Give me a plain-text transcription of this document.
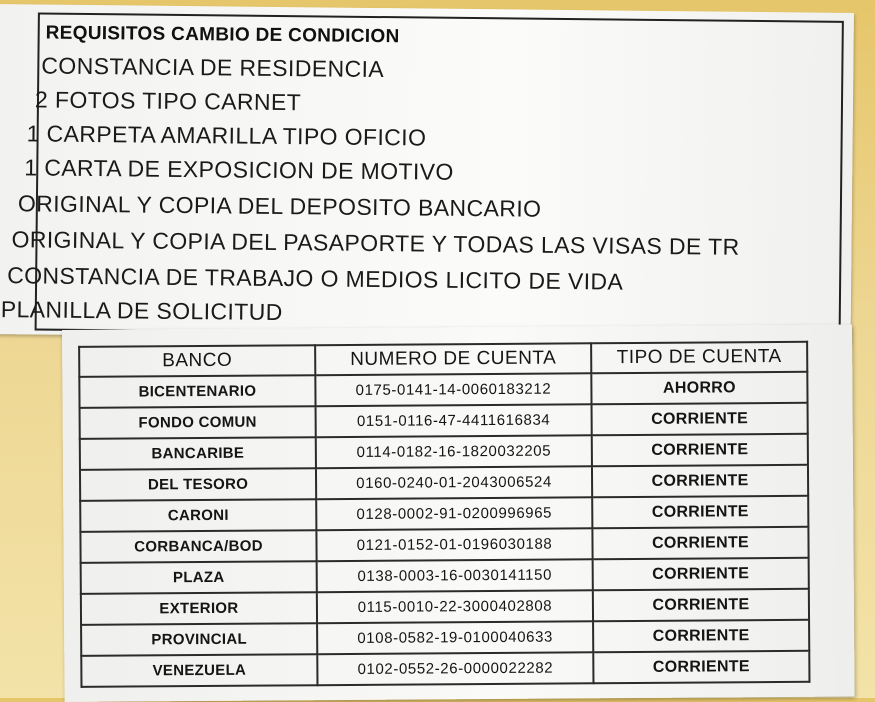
REQUISITOS CAMBIO DE CONDICION
CONSTANCIA DE RESIDENCIA
2 FOTOS TIPO CARNET
1 CARPETA AMARILLA TIPO OFICIO
1 CARTA DE EXPOSICION DE MOTIVO
ORIGINAL Y COPIA DEL DEPOSITO BANCARIO
ORIGINAL Y COPIA DEL PASAPORTE Y TODAS LAS VISAS DE TR
CONSTANCIA DE TRABAJO O MEDIOS LICITO DE VIDA
PLANILLA DE SOLICITUD
BANCO	NUMERO DE CUENTA	TIPO DE CUENTA
BICENTENARIO	0175-0141-14-0060183212	AHORRO
FONDO COMUN	0151-0116-47-4411616834	CORRIENTE
BANCARIBE	0114-0182-16-1820032205	CORRIENTE
DEL TESORO	0160-0240-01-2043006524	CORRIENTE
CARONI	0128-0002-91-0200996965	CORRIENTE
CORBANCA/BOD	0121-0152-01-0196030188	CORRIENTE
PLAZA	0138-0003-16-0030141150	CORRIENTE
EXTERIOR	0115-0010-22-3000402808	CORRIENTE
PROVINCIAL	0108-0582-19-0100040633	CORRIENTE
VENEZUELA	0102-0552-26-0000022282	CORRIENTE
